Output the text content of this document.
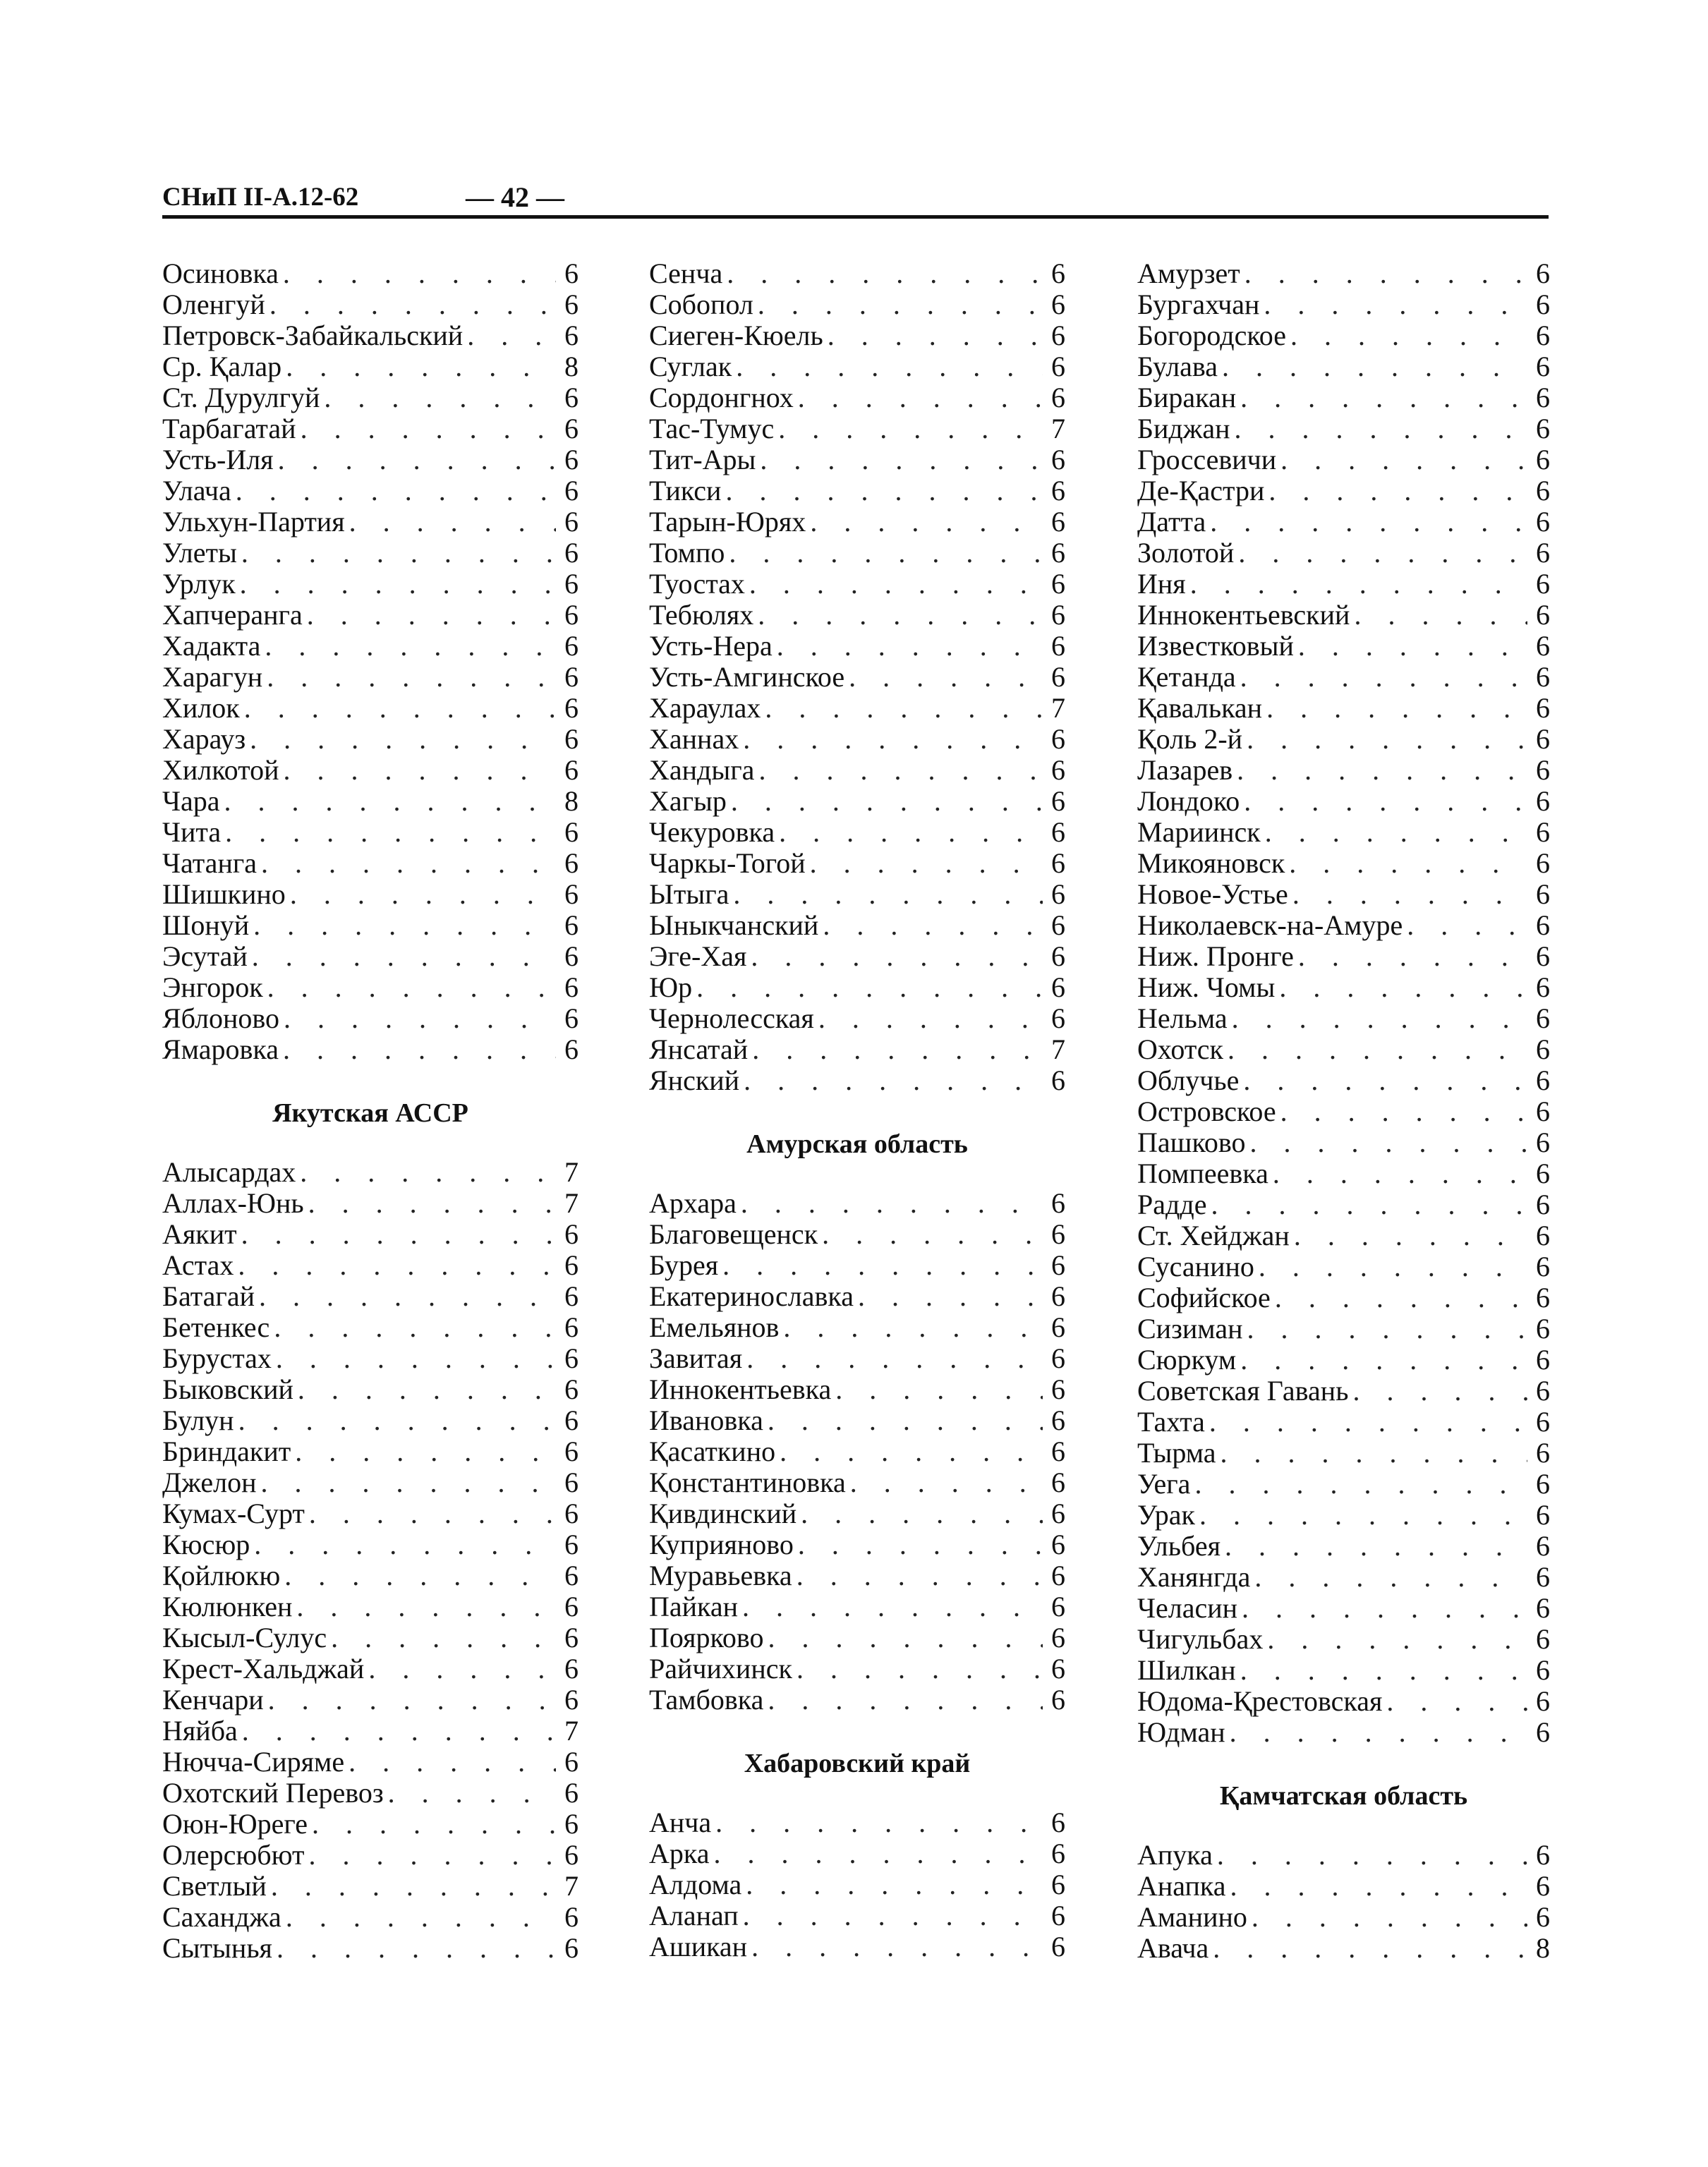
СНиП II-А.12-62	— 42 —
Осиновка . . .	6
Оленгуй . . .	6
Петровск-Забайкальский . . .	6
Ср. Қалар . . .	8
Ст. Дурулгуй . . .	6
Тарбагатай . . .	6
Усть-Иля . . .	6
Улача . . .	6
Ульхун-Партия . . .	6
Улеты . . .	6
Урлук . . .	6
Хапчеранга . . .	6
Хадакта . . .	6
Харагун . . .	6
Хилок . . .	6
Харауз . . .	6
Хилкотой . . .	6
Чара . . .	8
Чита . . .	6
Чатанга . . .	6
Шишкино . . .	6
Шонуй . . .	6
Эсутай . . .	6
Энгорок . . .	6
Яблоново . . .	6
Ямаровка . . .	6
Якутская АССР
Алысардах . . .	7
Аллах-Юнь . . .	7
Аякит . . .	6
Астах . . .	6
Батагай . . .	6
Бетенкес . . .	6
Бурустах . . .	6
Быковский . . .	6
Булун . . .	6
Бриндакит . . .	6
Джелон . . .	6
Кумах-Сурт . . .	6
Кюсюр . . .	6
Қойлюкю . . .	6
Кюлюнкен . . .	6
Кысыл-Сулус . . .	6
Крест-Хальджай . . .	6
Кенчари . . .	6
Няйба . . .	7
Нючча-Сиряме . . .	6
Охотский Перевоз . . .	6
Оюн-Юреге . . .	6
Олерсюбют . . .	6
Светлый . . .	7
Саханджа . . .	6
Сытынья . . .	6
Сенча . . .	6
Собопол . . .	6
Сиеген-Кюель . . .	6
Суглак . . .	6
Сордонгнох . . .	6
Тас-Тумус . . .	7
Тит-Ары . . .	6
Тикси . . .	6
Тарын-Юрях . . .	6
Томпо . . .	6
Туостах . . .	6
Тебюлях . . .	6
Усть-Нера . . .	6
Усть-Амгинское . . .	6
Хараулах . . .	7
Ханнах . . .	6
Хандыга . . .	6
Хагыр . . .	6
Чекуровка . . .	6
Чаркы-Тогой . . .	6
Ытыга . . .	6
Ыныкчанский . . .	6
Эге-Хая . . .	6
Юр . . .	6
Чернолесская . . .	6
Янсатай . . .	7
Янский . . .	6
Амурская область
Архара . . .	6
Благовещенск . . .	6
Бурея . . .	6
Екатеринославка . . .	6
Емельянов . . .	6
Завитая . . .	6
Иннокентьевка . . .	6
Ивановка . . .	6
Қасаткино . . .	6
Қонстантиновка . . .	6
Қивдинский . . .	6
Куприяново . . .	6
Муравьевка . . .	6
Пайкан . . .	6
Поярково . . .	6
Райчихинск . . .	6
Тамбовка . . .	6
Хабаровский край
Анча . . .	6
Арка . . .	6
Алдома . . .	6
Аланап . . .	6
Ашикан . . .	6
Амурзет . . .	6
Бургахчан . . .	6
Богородское . . .	6
Булава . . .	6
Биракан . . .	6
Биджан . . .	6
Гроссевичи . . .	6
Де-Қастри . . .	6
Датта . . .	6
Золотой . . .	6
Иня . . .	6
Иннокентьевский . . .	6
Известковый . . .	6
Қетанда . . .	6
Қавалькан . . .	6
Қоль 2-й . . .	6
Лазарев . . .	6
Лондоко . . .	6
Мариинск . . .	6
Микояновск . . .	6
Новое-Устье . . .	6
Николаевск-на-Амуре . . .	6
Ниж. Пронге . . .	6
Ниж. Чомы . . .	6
Нельма . . .	6
Охотск . . .	6
Облучье . . .	6
Островское . . .	6
Пашково . . .	6
Помпеевка . . .	6
Радде . . .	6
Ст. Хейджан . . .	6
Сусанино . . .	6
Софийское . . .	6
Сизиман . . .	6
Сюркум . . .	6
Советская Гавань . . .	6
Тахта . . .	6
Тырма . . .	6
Уега . . .	6
Урак . . .	6
Ульбея . . .	6
Ханянгда . . .	6
Челасин . . .	6
Чигульбах . . .	6
Шилкан . . .	6
Юдома-Қрестовская . . .	6
Юдман . . .	6
Қамчатская область
Апука . . .	6
Анапка . . .	6
Аманино . . .	6
Авача . . .	8
